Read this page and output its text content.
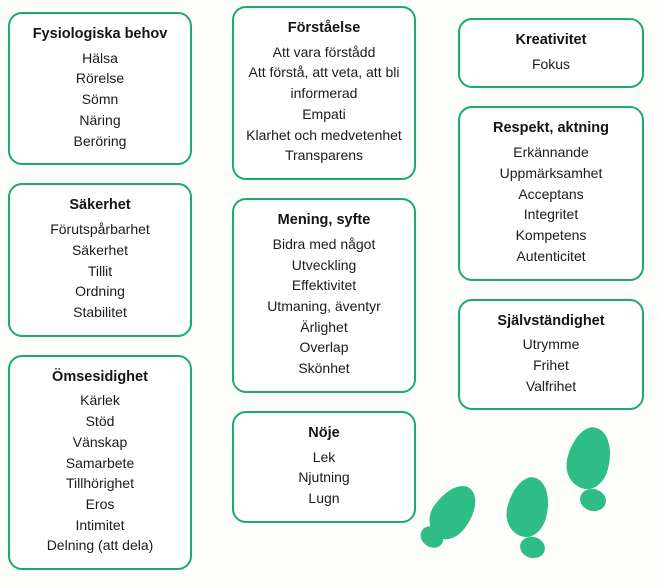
Fysiologiska behov
Hälsa
Rörelse
Sömn
Näring
Beröring
Säkerhet
Förutspårbarhet
Säkerhet
Tillit
Ordning
Stabilitet
Ömsesidighet
Kärlek
Stöd
Vänskap
Samarbete
Tillhörighet
Eros
Intimitet
Delning (att dela)
Förståelse
Att vara förstådd
Att förstå, att veta, att bli informerad
Empati
Klarhet och medvetenhet
Transparens
Mening, syfte
Bidra med något
Utveckling
Effektivitet
Utmaning, äventyr
Ärlighet
Overlap
Skönhet
Nöje
Lek
Njutning
Lugn
Kreativitet
Fokus
Respekt, aktning
Erkännande
Uppmärksamhet
Acceptans
Integritet
Kompetens
Autenticitet
Självständighet
Utrymme
Frihet
Valfrihet
